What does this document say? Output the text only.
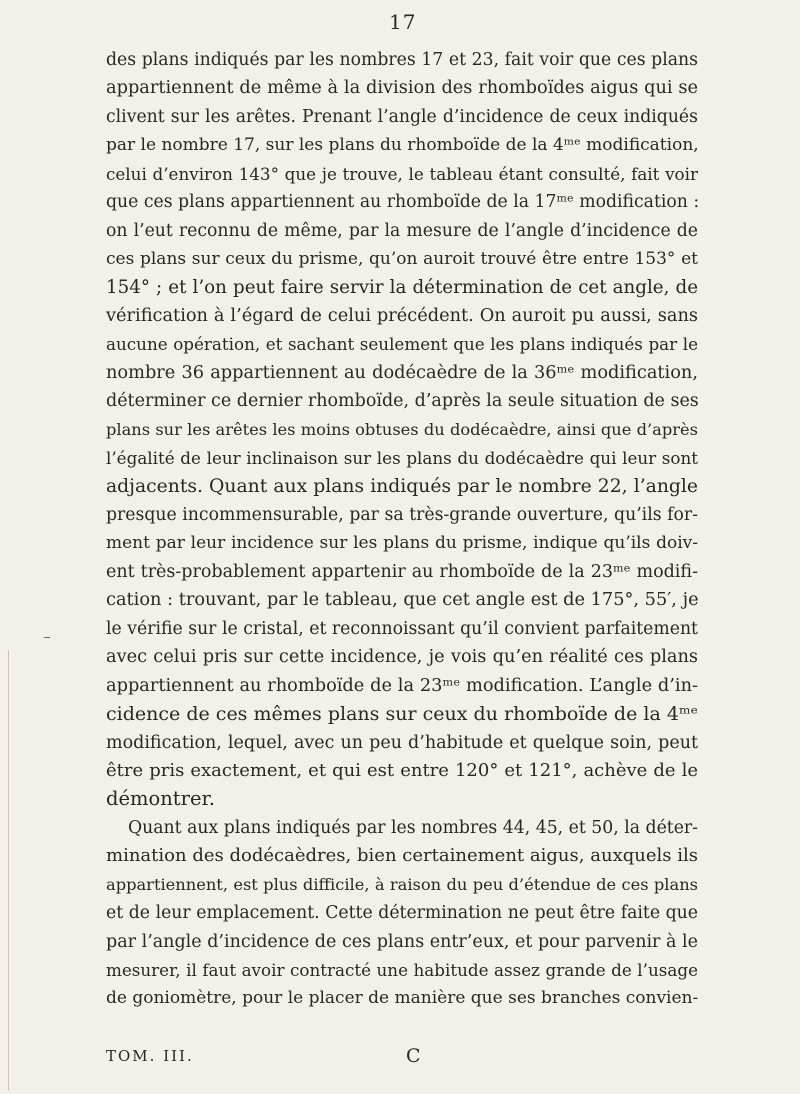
17
des plans indiqués par les nombres 17 et 23, fait voir que ces plans
appartiennent de même à la division des rhomboïdes aigus qui se
clivent sur les arêtes. Prenant l’angle d’incidence de ceux indiqués
par le nombre 17, sur les plans du rhomboïde de la 4ᵐᵉ modification,
celui d’environ 143° que je trouve, le tableau étant consulté, fait voir
que ces plans appartiennent au rhomboïde de la 17ᵐᵉ modification :
on l’eut reconnu de même, par la mesure de l’angle d’incidence de
ces plans sur ceux du prisme, qu’on auroit trouvé être entre 153° et
154° ; et l’on peut faire servir la détermination de cet angle, de
vérification à l’égard de celui précédent. On auroit pu aussi, sans
aucune opération, et sachant seulement que les plans indiqués par le
nombre 36 appartiennent au dodécaèdre de la 36ᵐᵉ modification,
déterminer ce dernier rhomboïde, d’après la seule situation de ses
plans sur les arêtes les moins obtuses du dodécaèdre, ainsi que d’après
l’égalité de leur inclinaison sur les plans du dodécaèdre qui leur sont
adjacents. Quant aux plans indiqués par le nombre 22, l’angle
presque incommensurable, par sa très-grande ouverture, qu’ils for-
ment par leur incidence sur les plans du prisme, indique qu’ils doiv-
ent très-probablement appartenir au rhomboïde de la 23ᵐᵉ modifi-
cation : trouvant, par le tableau, que cet angle est de 175°, 55′, je
le vérifie sur le cristal, et reconnoissant qu’il convient parfaitement
avec celui pris sur cette incidence, je vois qu’en réalité ces plans
appartiennent au rhomboïde de la 23ᵐᵉ modification. L’angle d’in-
cidence de ces mêmes plans sur ceux du rhomboïde de la 4ᵐᵉ
modification, lequel, avec un peu d’habitude et quelque soin, peut
être pris exactement, et qui est entre 120° et 121°, achève de le
démontrer.
Quant aux plans indiqués par les nombres 44, 45, et 50, la déter-
mination des dodécaèdres, bien certainement aigus, auxquels ils
appartiennent, est plus difficile, à raison du peu d’étendue de ces plans
et de leur emplacement. Cette détermination ne peut être faite que
par l’angle d’incidence de ces plans entr’eux, et pour parvenir à le
mesurer, il faut avoir contracté une habitude assez grande de l’usage
de goniomètre, pour le placer de manière que ses branches convien-
TOM. III.	C
